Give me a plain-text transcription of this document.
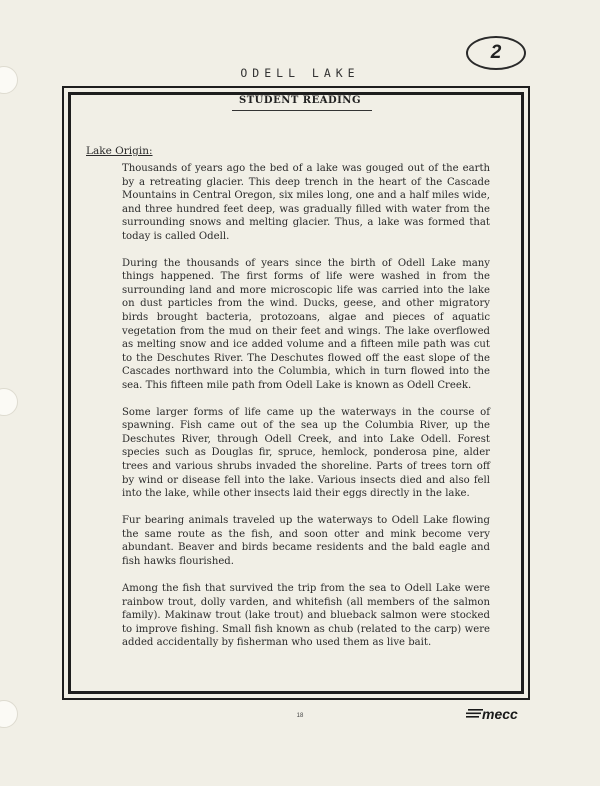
2
ODELL LAKE
STUDENT READING
Lake Origin:

Thousands of years ago the bed of a lake was gouged out of the earth by a retreating glacier. This deep trench in the heart of the Cascade Mountains in Central Oregon, six miles long, one and a half miles wide, and three hundred feet deep, was gradually filled with water from the surrounding snows and melting glacier. Thus, a lake was formed that today is called Odell.

During the thousands of years since the birth of Odell Lake many things happened. The first forms of life were washed in from the surrounding land and more microscopic life was carried into the lake on dust particles from the wind. Ducks, geese, and other migratory birds brought bacteria, protozoans, algae and pieces of aquatic vegetation from the mud on their feet and wings. The lake overflowed as melting snow and ice added volume and a fifteen mile path was cut to the Deschutes River. The Deschutes flowed off the east slope of the Cascades northward into the Columbia, which in turn flowed into the sea. This fifteen mile path from Odell Lake is known as Odell Creek.

Some larger forms of life came up the waterways in the course of spawning. Fish came out of the sea up the Columbia River, up the Deschutes River, through Odell Creek, and into Lake Odell. Forest species such as Douglas fir, spruce, hemlock, ponderosa pine, alder trees and various shrubs invaded the shoreline. Parts of trees torn off by wind or disease fell into the lake. Various insects died and also fell into the lake, while other insects laid their eggs directly in the lake.

Fur bearing animals traveled up the waterways to Odell Lake flowing the same route as the fish, and soon otter and mink become very abundant. Beaver and birds became residents and the bald eagle and fish hawks flourished.

Among the fish that survived the trip from the sea to Odell Lake were rainbow trout, dolly varden, and whitefish (all members of the salmon family). Makinaw trout (lake trout) and blueback salmon were stocked to improve fishing. Small fish known as chub (related to the carp) were added accidentally by fisherman who used them as live bait.

18	mecc
